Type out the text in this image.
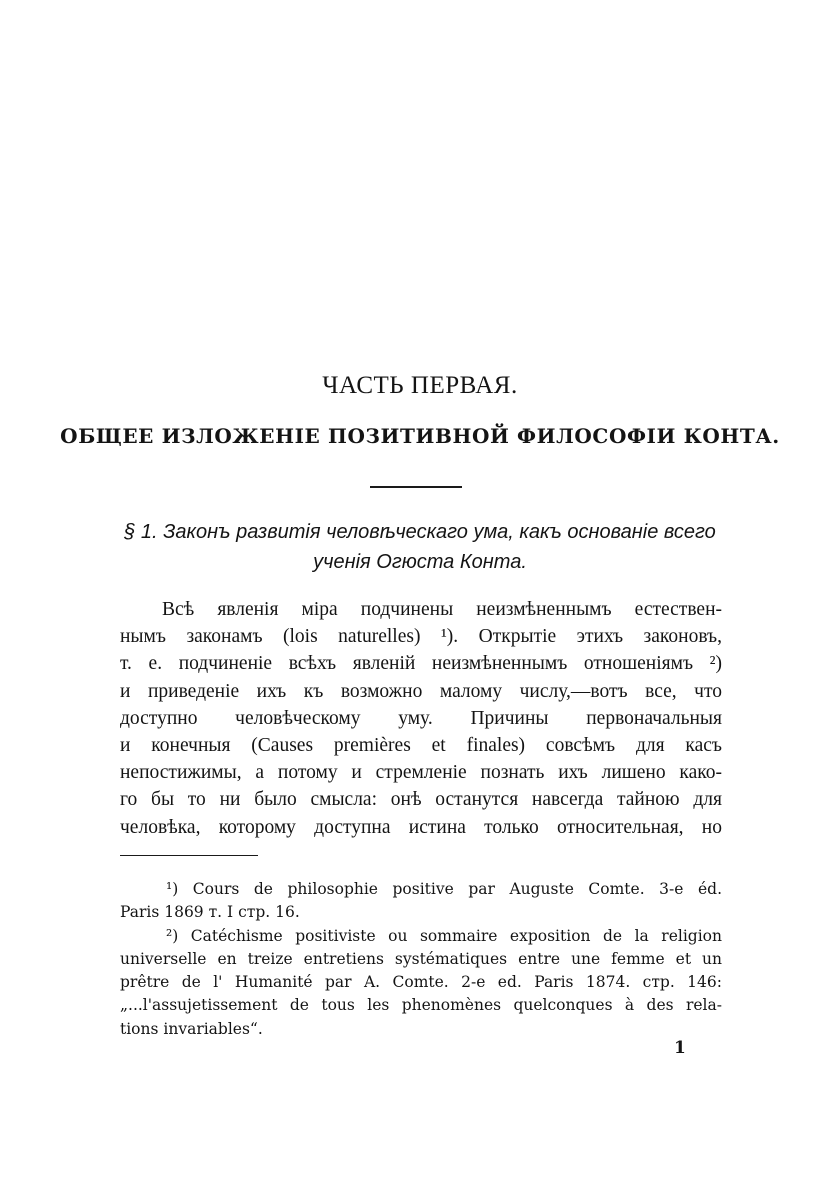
ЧАСТЬ ПЕРВАЯ.
ОБЩЕЕ ИЗЛОЖЕНІЕ ПОЗИТИВНОЙ ФИЛОСОФІИ КОНТА.
§ 1. Законъ развитія человѣческаго ума, какъ основаніе всего
ученія Огюста Конта.
Всѣ явленія міра подчинены неизмѣненнымъ естествен-
нымъ законамъ (lois naturelles) ¹). Открытіе этихъ законовъ,
т. е. подчиненіе всѣхъ явленій неизмѣненнымъ отношеніямъ ²)
и приведеніе ихъ къ возможно малому числу,—вотъ все, что
доступно человѣческому уму. Причины первоначальныя
и конечныя (Causes premières et finales) совсѣмъ для касъ
непостижимы, а потому и стремленіе познать ихъ лишено како-
го бы то ни было смысла: онѣ останутся навсегда тайною для
человѣка, которому доступна истина только относительная, но
¹) Cours de philosophie positive par Auguste Comte. 3-e éd.
Paris 1869 т. I стр. 16.
²) Catéchisme positiviste ou sommaire exposition de la religion
universelle en treize entretiens systématiques entre une femme et un
prêtre de l' Humanité par A. Comte. 2-e ed. Paris 1874. стр. 146:
„...l'assujetissement de tous les phenomènes quelconques à des rela-
tions invariables“.
1
